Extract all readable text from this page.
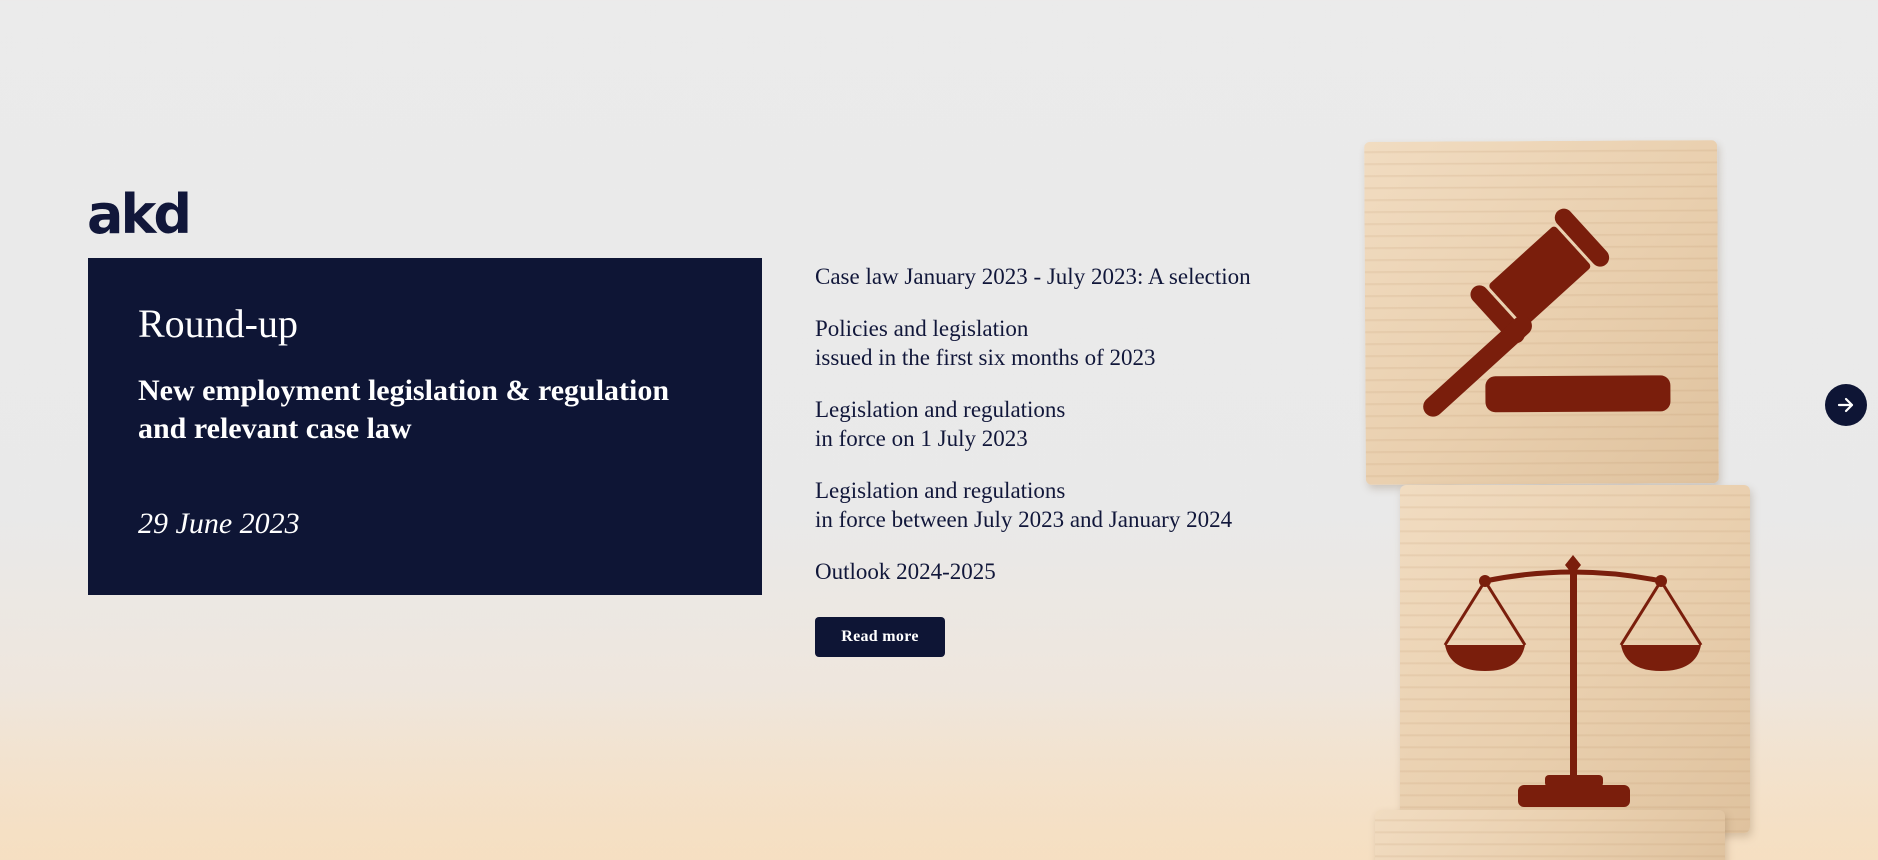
akd
Round-up
New employment legislation & regulation and relevant case law
29 June 2023
Case law January 2023 - July 2023: A selection
Policies and legislation
issued in the first six months of 2023
Legislation and regulations
in force on 1 July 2023
Legislation and regulations
in force between July 2023 and January 2024
Outlook 2024-2025
Read more
